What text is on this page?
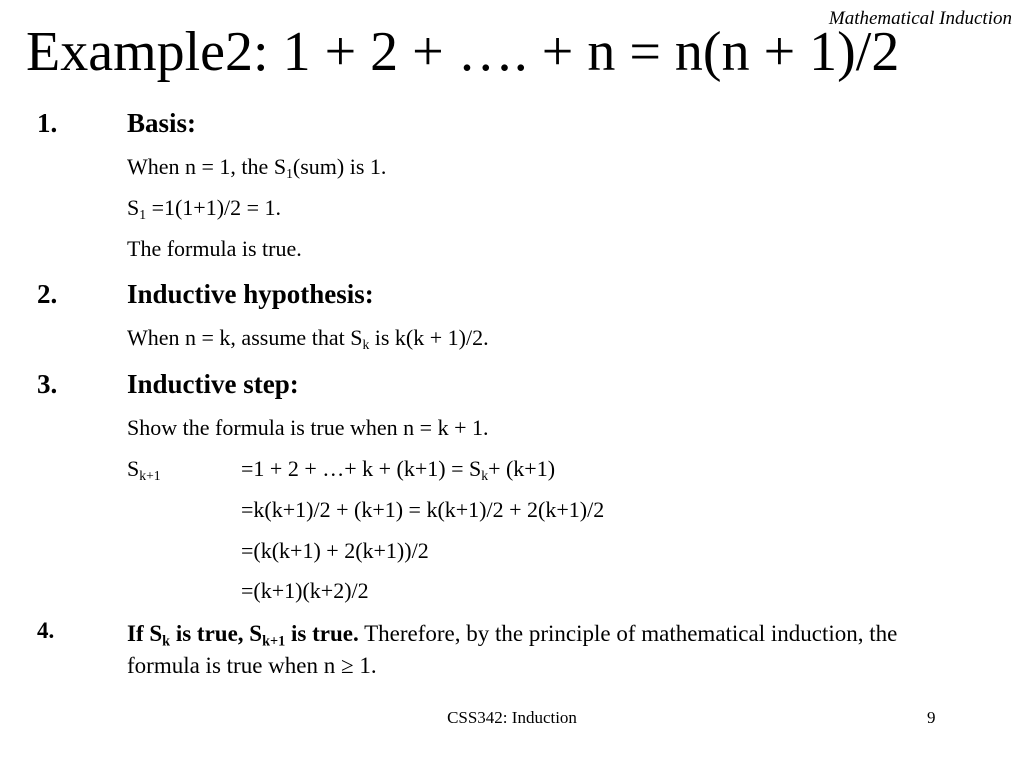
Mathematical Induction
Example2: 1 + 2 + …. + n = n(n + 1)/2
1.	Basis:
When n = 1, the $S_1(sum)$ is 1.
$S_1 =1(1+1)/2 = 1$.
The formula is true.
2.	Inductive hypothesis:
When n = k, assume that $S_k$ is k(k + 1)/2.
3.	Inductive step:
Show the formula is true when n = k + 1.
$S_{k+1}$	=1 + 2 + …+ $k + (k+1) = S_k+ (k+1)$
=k(k+1)/2 + (k+1) = k(k+1)/2 + 2(k+1)/2
=(k(k+1) + 2(k+1))/2
=(k+1)(k+2)/2
4.	If $S_k$ is true, $S_{k+1}$ is true. Therefore, by the principle of mathematical induction, the formula is true when n ≥ 1.
CSS342: Induction	9
